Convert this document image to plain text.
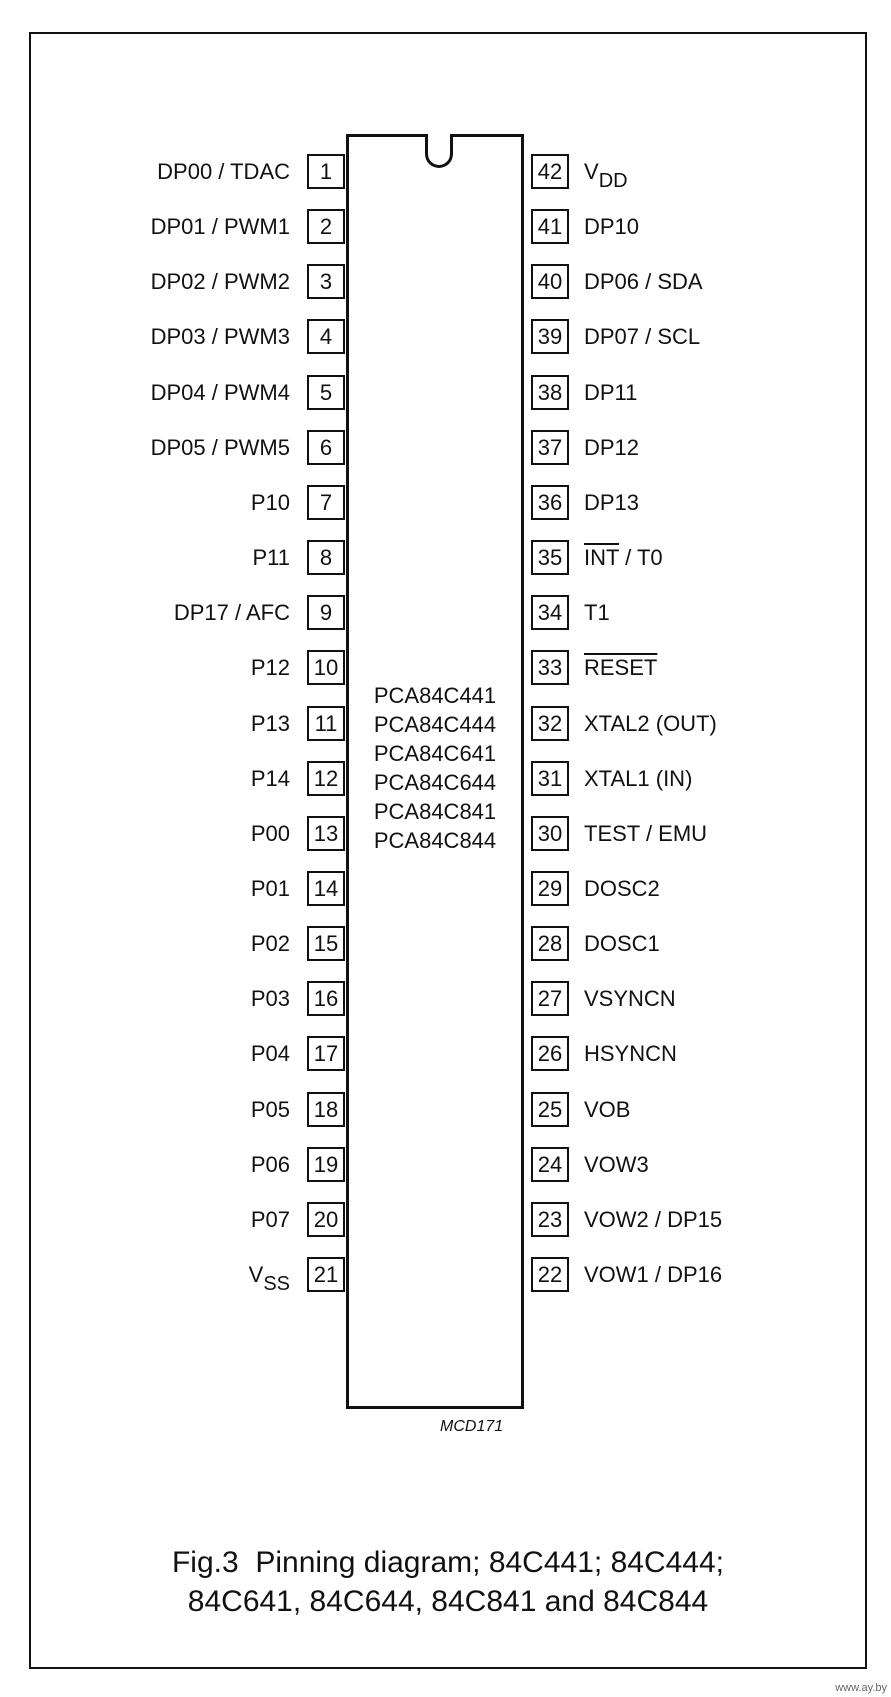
PCA84C441
PCA84C444
PCA84C641
PCA84C644
PCA84C841
PCA84C844
1
DP00 / TDAC
2
DP01 / PWM1
3
DP02 / PWM2
4
DP03 / PWM3
5
DP04 / PWM4
6
DP05 / PWM5
7
P10
8
P11
9
DP17 / AFC
10
P12
11
P13
12
P14
13
P00
14
P01
15
P02
16
P03
17
P04
18
P05
19
P06
20
P07
21
VSS
42 VDD
41 DP10
40 DP06 / SDA
39 DP07 / SCL
38 DP11
37 DP12
36 DP13
35 $\overline{INT} / T0$
34 T1
33 RESET
32 XTAL2 (OUT)
31 XTAL1 (IN)
30 TEST / EMU
29 DOSC2
28 DOSC1
27 VSYNCN
26 HSYNCN
25 VOB
24 VOW3
23 VOW2 / DP15
22 VOW1 / DP16
MCD171
Fig.3  Pinning diagram; 84C441; 84C444;
84C641, 84C644, 84C841 and 84C844
www.ay.by
